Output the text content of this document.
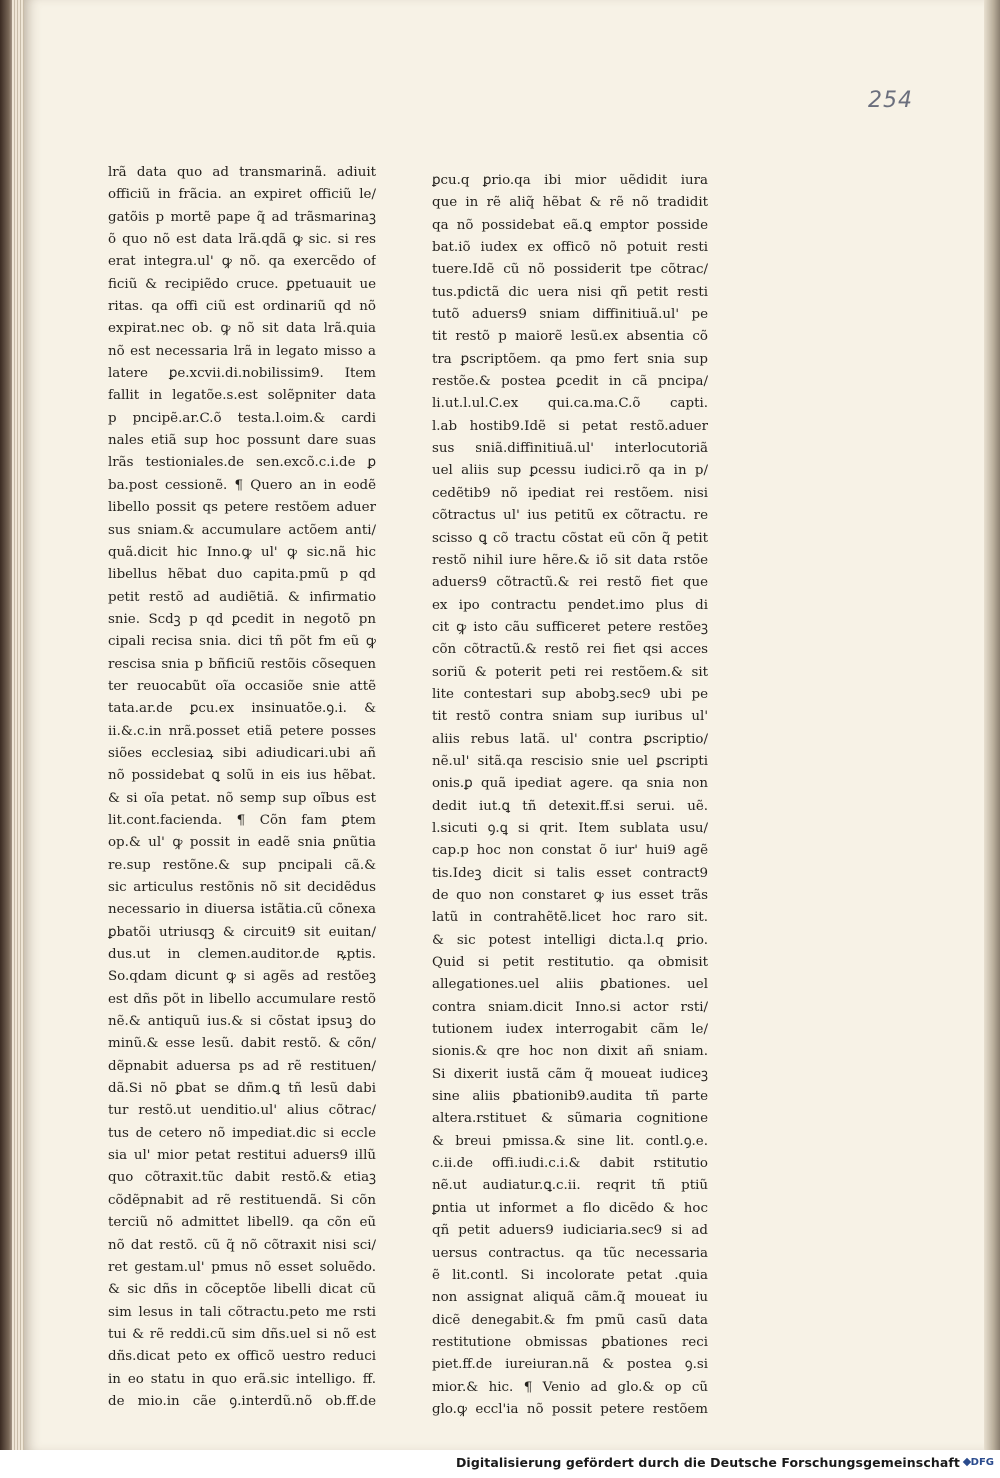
254
lrã data quo ad transmarinã. adiuit
officiũ in frãcia. an expiret officiũ le/
gatõis p mortẽ pape q̃ ad trãsmarinaꝫ
õ quo nõ est data lrã.qdã ꝙ sic. si res
erat integra.ul' ꝙ nõ. qa exercẽdo of
ficiũ & recipiẽdo cruce. ꝑpetuauit ue
ritas. qa offi ciũ est ordinariũ qd nõ
expirat.nec ob. ꝙ nõ sit data lrã.quia
nõ est necessaria lrã in legato misso a
latere ꝑe.xcvii.di.nobilissim9. Item
fallit in legatõe.s.est solẽpniter data
p pncipẽ.ar.C.õ testa.l.oim.& cardi
nales etiã sup hoc possunt dare suas
lrãs testioniales.de sen.excõ.c.i.de ꝑ
ba.post cessionẽ. ¶ Quero an in eodẽ
libello possit qs petere restõem aduer
sus sniam.& accumulare actõem anti/
quã.dicit hic Inno.ꝙ ul' ꝙ sic.nã hic
libellus hẽbat duo capita.pmũ p qd
petit restõ ad audiẽtiã. & infirmatio
snie. Scdꝫ p qd ꝑcedit in negotõ pn
cipali recisa snia. dici tñ põt fm eũ ꝙ
rescisa snia p bñficiũ restõis cõsequen
ter reuocabũt oĩa occasiõe snie attẽ
tata.ar.de ꝑcu.ex insinuatõe.ꝯ.i. &
ii.&.c.in nrã.posset etiã petere posses
siões ecclesiaꝝ sibi adiudicari.ubi añ
nõ possidebat ꝗ solũ in eis ius hẽbat.
& si oĩa petat. nõ semp sup oĩbus est
lit.cont.facienda. ¶ Cõn fam ꝑtem
op.& ul' ꝙ possit in eadẽ snia ꝑnũtia
re.sup restõne.& sup pncipali cã.&
sic articulus restõnis nõ sit decidẽdus
necessario in diuersa istãtia.cũ cõnexa
ꝑbatõi utriusqꝫ & circuit9 sit euitan/
dus.ut in clemen.auditor.de ꝶptis.
So.qdam dicunt ꝙ si agẽs ad restõeꝫ
est dñs põt in libello accumulare restõ
nẽ.& antiquũ ius.& si cõstat ipsuꝫ do
minũ.& esse lesũ. dabit restõ. & cõn/
dẽpnabit aduersa ps ad rẽ restituen/
dã.Si nõ ꝑbat se dñm.ꝗ tñ lesũ dabi
tur restõ.ut uenditio.ul' alius cõtrac/
tus de cetero nõ impediat.dic si eccle
sia ul' mior petat restitui aduers9 illũ
quo cõtraxit.tũc dabit restõ.& etiaꝫ
cõdẽpnabit ad rẽ restituendã. Si cõn
terciũ nõ admittet libell9. qa cõn eũ
nõ dat restõ. cũ q̃ nõ cõtraxit nisi sci/
ret gestam.ul' pmus nõ esset soluẽdo.
& sic dñs in cõceptõe libelli dicat cũ
sim lesus in tali cõtractu.peto me rsti
tui & rẽ reddi.cũ sim dñs.uel si nõ est
dñs.dicat peto ex officõ uestro reduci
in eo statu in quo erã.sic intelligo. ff.
de mio.in cãe ꝯ.interdũ.nõ ob.ff.de
ꝑcu.q ꝑrio.qa ibi mior uẽdidit iura
que in rẽ aliq̃ hẽbat & rẽ nõ tradidit
qa nõ possidebat eã.ꝗ emptor posside
bat.iõ iudex ex officõ nõ potuit resti
tuere.Idẽ cũ nõ possiderit tpe cõtrac/
tus.pdictã dic uera nisi qñ petit resti
tutõ aduers9 sniam diffinitiuã.ul' pe
tit restõ p maiorẽ lesũ.ex absentia cõ
tra ꝑscriptõem. qa pmo fert snia sup
restõe.& postea ꝑcedit in cã pncipa/
li.ut.l.ul.C.ex qui.ca.ma.C.õ capti.
l.ab hostib9.Idẽ si petat restõ.aduer
sus sniã.diffinitiuã.ul' interlocutoriã
uel aliis sup ꝑcessu iudici.rõ qa in p/
cedẽtib9 nõ ipediat rei restõem. nisi
cõtractus ul' ius petitũ ex cõtractu. re
scisso ꝗ cõ tractu cõstat eũ cõn q̃ petit
restõ nihil iure hẽre.& iõ sit data rstõe
aduers9 cõtractũ.& rei restõ fiet que
ex ipo contractu pendet.imo plus di
cit ꝙ isto cãu sufficeret petere restõeꝫ
cõn cõtractũ.& restõ rei fiet qsi acces
soriũ & poterit peti rei restõem.& sit
lite contestari sup abobꝫ.sec9 ubi pe
tit restõ contra sniam sup iuribus ul'
aliis rebus latã. ul' contra ꝑscriptio/
nẽ.ul' sitã.qa rescisio snie uel ꝑscripti
onis.ꝑ quã ipediat agere. qa snia non
dedit iut.ꝗ tñ detexit.ff.si serui. uẽ.
l.sicuti ꝯ.ꝗ si qrit. Item sublata usu/
cap.p hoc non constat õ iur' hui9 agẽ
tis.Ideꝫ dicit si talis esset contract9
de quo non constaret ꝙ ius esset trãs
latũ in contrahẽtẽ.licet hoc raro sit.
& sic potest intelligi dicta.l.q ꝑrio.
Quid si petit restitutio. qa obmisit
allegationes.uel aliis ꝑbationes. uel
contra sniam.dicit Inno.si actor rsti/
tutionem iudex interrogabit cãm le/
sionis.& qre hoc non dixit añ sniam.
Si dixerit iustã cãm q̃ moueat iudiceꝫ
sine aliis ꝑbationib9.audita tñ parte
altera.rstituet & sũmaria cognitione
& breui pmissa.& sine lit. contl.ꝯ.e.
c.ii.de offi.iudi.c.i.& dabit rstitutio
nẽ.ut audiatur.ꝗ.c.ii. reqrit tñ ptiũ
ꝑntia ut informet a flo dicẽdo & hoc
qñ petit aduers9 iudiciaria.sec9 si ad
uersus contractus. qa tũc necessaria
ẽ lit.contl. Si incolorate petat .quia
non assignat aliquã cãm.q̃ moueat iu
dicẽ denegabit.& fm pmũ casũ data
restitutione obmissas ꝑbationes reci
piet.ff.de iureiuran.nã & postea ꝯ.si
mior.& hic. ¶ Venio ad glo.& op cũ
glo.ꝙ eccl'ia nõ possit petere restõem
Digitalisierung gefördert durch die Deutsche Forschungsgemeinschaft DFG
